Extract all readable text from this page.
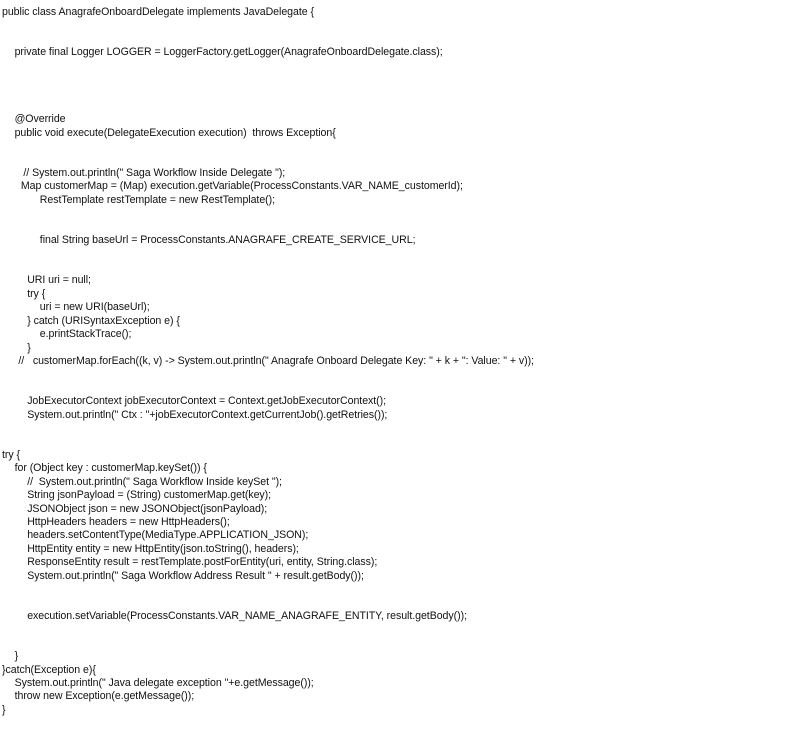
public class AnagrafeOnboardDelegate implements JavaDelegate {
private final Logger LOGGER = LoggerFactory.getLogger(AnagrafeOnboardDelegate.class);
@Override
public void execute(DelegateExecution execution)  throws Exception{
// System.out.println(" Saga Workflow Inside Delegate ");
Map customerMap = (Map) execution.getVariable(ProcessConstants.VAR_NAME_customerId);
RestTemplate restTemplate = new RestTemplate();
final String baseUrl = ProcessConstants.ANAGRAFE_CREATE_SERVICE_URL;
URI uri = null;
try {
uri = new URI(baseUrl);
} catch (URISyntaxException e) {
e.printStackTrace();
}
//   customerMap.forEach((k, v) -> System.out.println(" Anagrafe Onboard Delegate Key: " + k + ": Value: " + v));
JobExecutorContext jobExecutorContext = Context.getJobExecutorContext();
System.out.println(" Ctx : "+jobExecutorContext.getCurrentJob().getRetries());
try {
for (Object key : customerMap.keySet()) {
//  System.out.println(" Saga Workflow Inside keySet ");
String jsonPayload = (String) customerMap.get(key);
JSONObject json = new JSONObject(jsonPayload);
HttpHeaders headers = new HttpHeaders();
headers.setContentType(MediaType.APPLICATION_JSON);
HttpEntity entity = new HttpEntity(json.toString(), headers);
ResponseEntity result = restTemplate.postForEntity(uri, entity, String.class);
System.out.println(" Saga Workflow Address Result " + result.getBody());
execution.setVariable(ProcessConstants.VAR_NAME_ANAGRAFE_ENTITY, result.getBody());
}
}catch(Exception e){
System.out.println(" Java delegate exception "+e.getMessage());
throw new Exception(e.getMessage());
}
